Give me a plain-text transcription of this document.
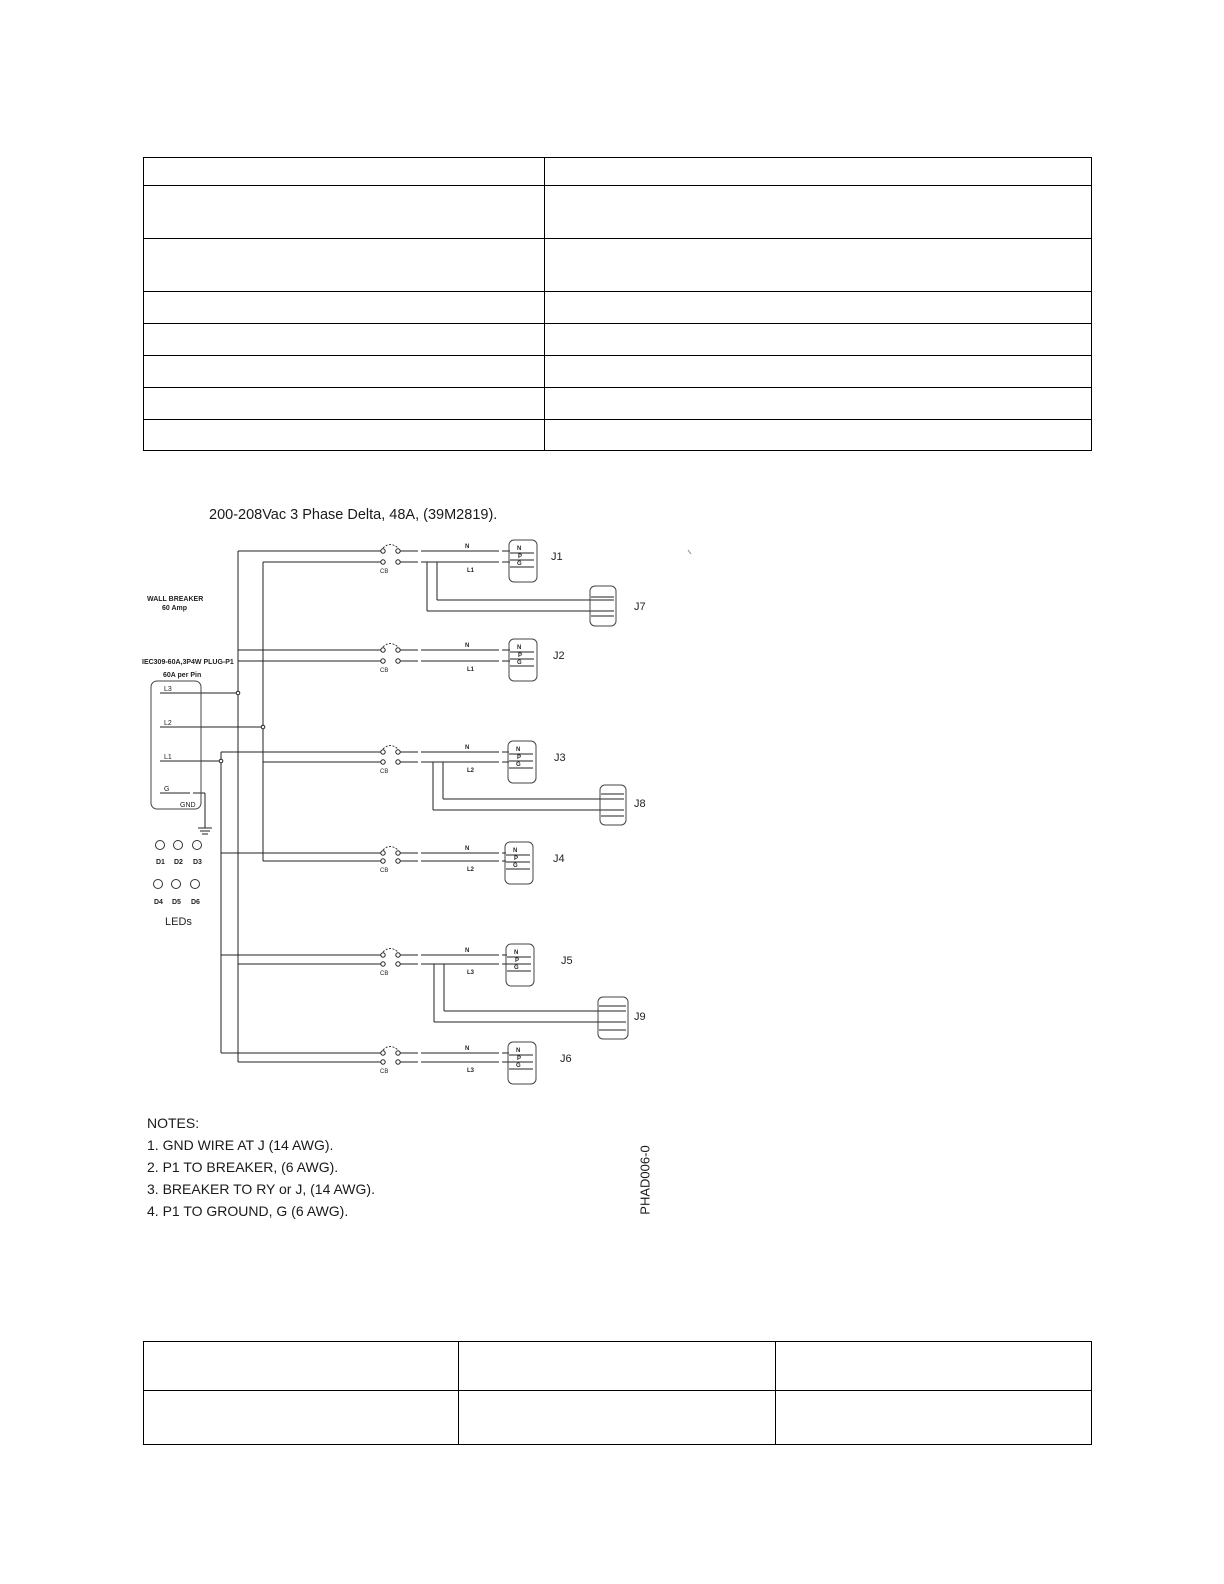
200-208Vac 3 Phase Delta, 48A, (39M2819).
WALL BREAKER
60 Amp
IEC309-60A,3P4W PLUG-P1
60A per Pin
L3
L2
L1
G
GND
D1 D2 D3
D4 D5 D6
LEDs
CB
N
L1
N
P
G
J1
CB
N
L1
N
P
G
J2
CB
N
L2
N
P
G
J3
CB
N
L2
N
P
G
J4
CB
N
L3
N
P
G
J5
CB
N
L3
N
P
G
J6
J7
J8
J9
NOTES:
1. GND WIRE AT J (14 AWG).
2. P1 TO BREAKER, (6 AWG).
3. BREAKER TO RY or J, (14 AWG).
4. P1 TO GROUND, G (6 AWG).	PHAD006-0
